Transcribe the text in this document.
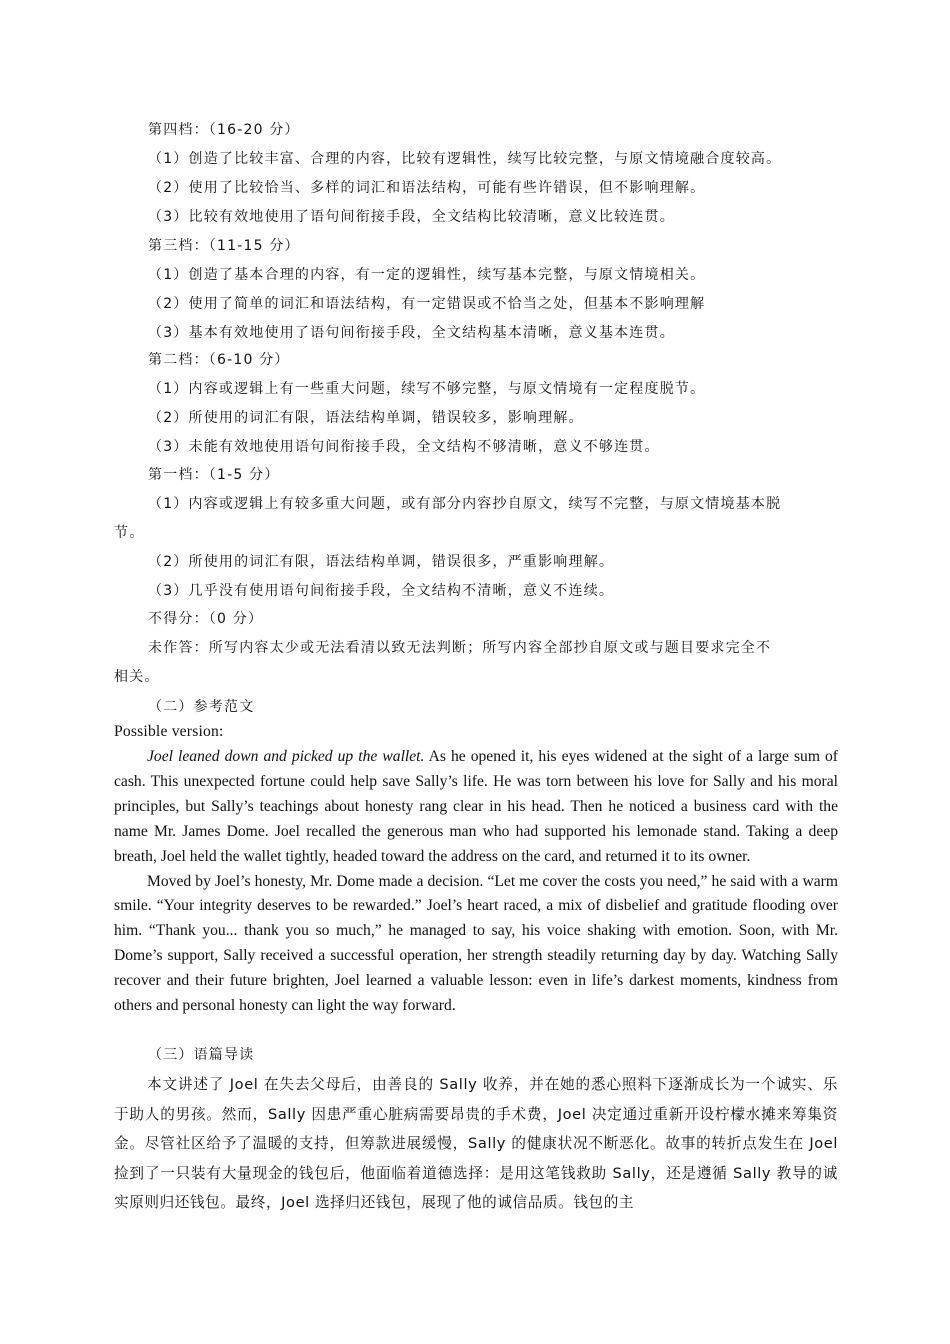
第四档：（16-20 分）
（1）创造了比较丰富、合理的内容，比较有逻辑性，续写比较完整，与原文情境融合度较高。
（2）使用了比较恰当、多样的词汇和语法结构，可能有些许错误，但不影响理解。
（3）比较有效地使用了语句间衔接手段，全文结构比较清晰，意义比较连贯。
第三档：（11-15 分）
（1）创造了基本合理的内容，有一定的逻辑性，续写基本完整，与原文情境相关。
（2）使用了简单的词汇和语法结构，有一定错误或不恰当之处，但基本不影响理解
（3）基本有效地使用了语句间衔接手段，全文结构基本清晰，意义基本连贯。
第二档：（6-10 分）
（1）内容或逻辑上有一些重大问题，续写不够完整，与原文情境有一定程度脱节。
（2）所使用的词汇有限，语法结构单调，错误较多，影响理解。
（3）未能有效地使用语句间衔接手段，全文结构不够清晰，意义不够连贯。
第一档：（1-5 分）
（1）内容或逻辑上有较多重大问题，或有部分内容抄自原文，续写不完整，与原文情境基本脱
节。
（2）所使用的词汇有限，语法结构单调，错误很多，严重影响理解。
（3）几乎没有使用语句间衔接手段，全文结构不清晰，意义不连续。
不得分：（0 分）
未作答：所写内容太少或无法看清以致无法判断；所写内容全部抄自原文或与题目要求完全不
相关。
（二）参考范文
Possible version:

Joel leaned down and picked up the wallet. As he opened it, his eyes widened at the sight of a large sum of cash. This unexpected fortune could help save Sally’s life. He was torn between his love for Sally and his moral principles, but Sally’s teachings about honesty rang clear in his head. Then he noticed a business card with the name Mr. James Dome. Joel recalled the generous man who had supported his lemonade stand. Taking a deep breath, Joel held the wallet tightly, headed toward the address on the card, and returned it to its owner.

Moved by Joel’s honesty, Mr. Dome made a decision. “Let me cover the costs you need,” he said with a warm smile. “Your integrity deserves to be rewarded.” Joel’s heart raced, a mix of disbelief and gratitude flooding over him. “Thank you... thank you so much,” he managed to say, his voice shaking with emotion. Soon, with Mr. Dome’s support, Sally received a successful operation, her strength steadily returning day by day. Watching Sally recover and their future brighten, Joel learned a valuable lesson: even in life’s darkest moments, kindness from others and personal honesty can light the way forward.

（三）语篇导读

本文讲述了 Joel 在失去父母后，由善良的 Sally 收养，并在她的悉心照料下逐渐成长为一个诚实、乐于助人的男孩。然而，Sally 因患严重心脏病需要昂贵的手术费，Joel 决定通过重新开设柠檬水摊来筹集资金。尽管社区给予了温暖的支持，但筹款进展缓慢，Sally 的健康状况不断恶化。故事的转折点发生在 Joel 捡到了一只装有大量现金的钱包后，他面临着道德选择：是用这笔钱救助 Sally，还是遵循 Sally 教导的诚实原则归还钱包。最终，Joel 选择归还钱包，展现了他的诚信品质。钱包的主
